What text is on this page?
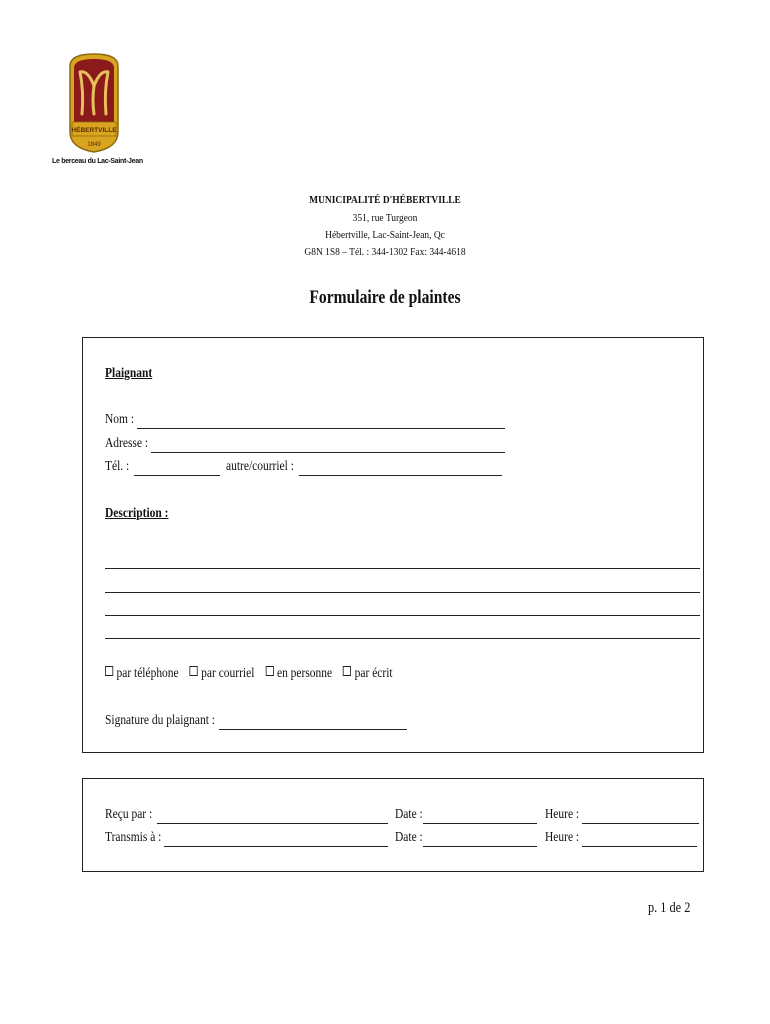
HÉBERTVILLE
1849
Le berceau du Lac-Saint-Jean
MUNICIPALITÉ D'HÉBERTVILLE
351, rue Turgeon
Hébertville, Lac-Saint-Jean, Qc
G8N 1S8 – Tél. : 344-1302 Fax: 344-4618
Formulaire de plaintes
Plaignant
Nom :
Adresse :
Tél. :	autre/courriel :
Description :
par téléphone par courriel en personne par écrit
Signature du plaignant :
Reçu par :	Date :	Heure :
Transmis à :	Date :	Heure :
p. 1 de 2
